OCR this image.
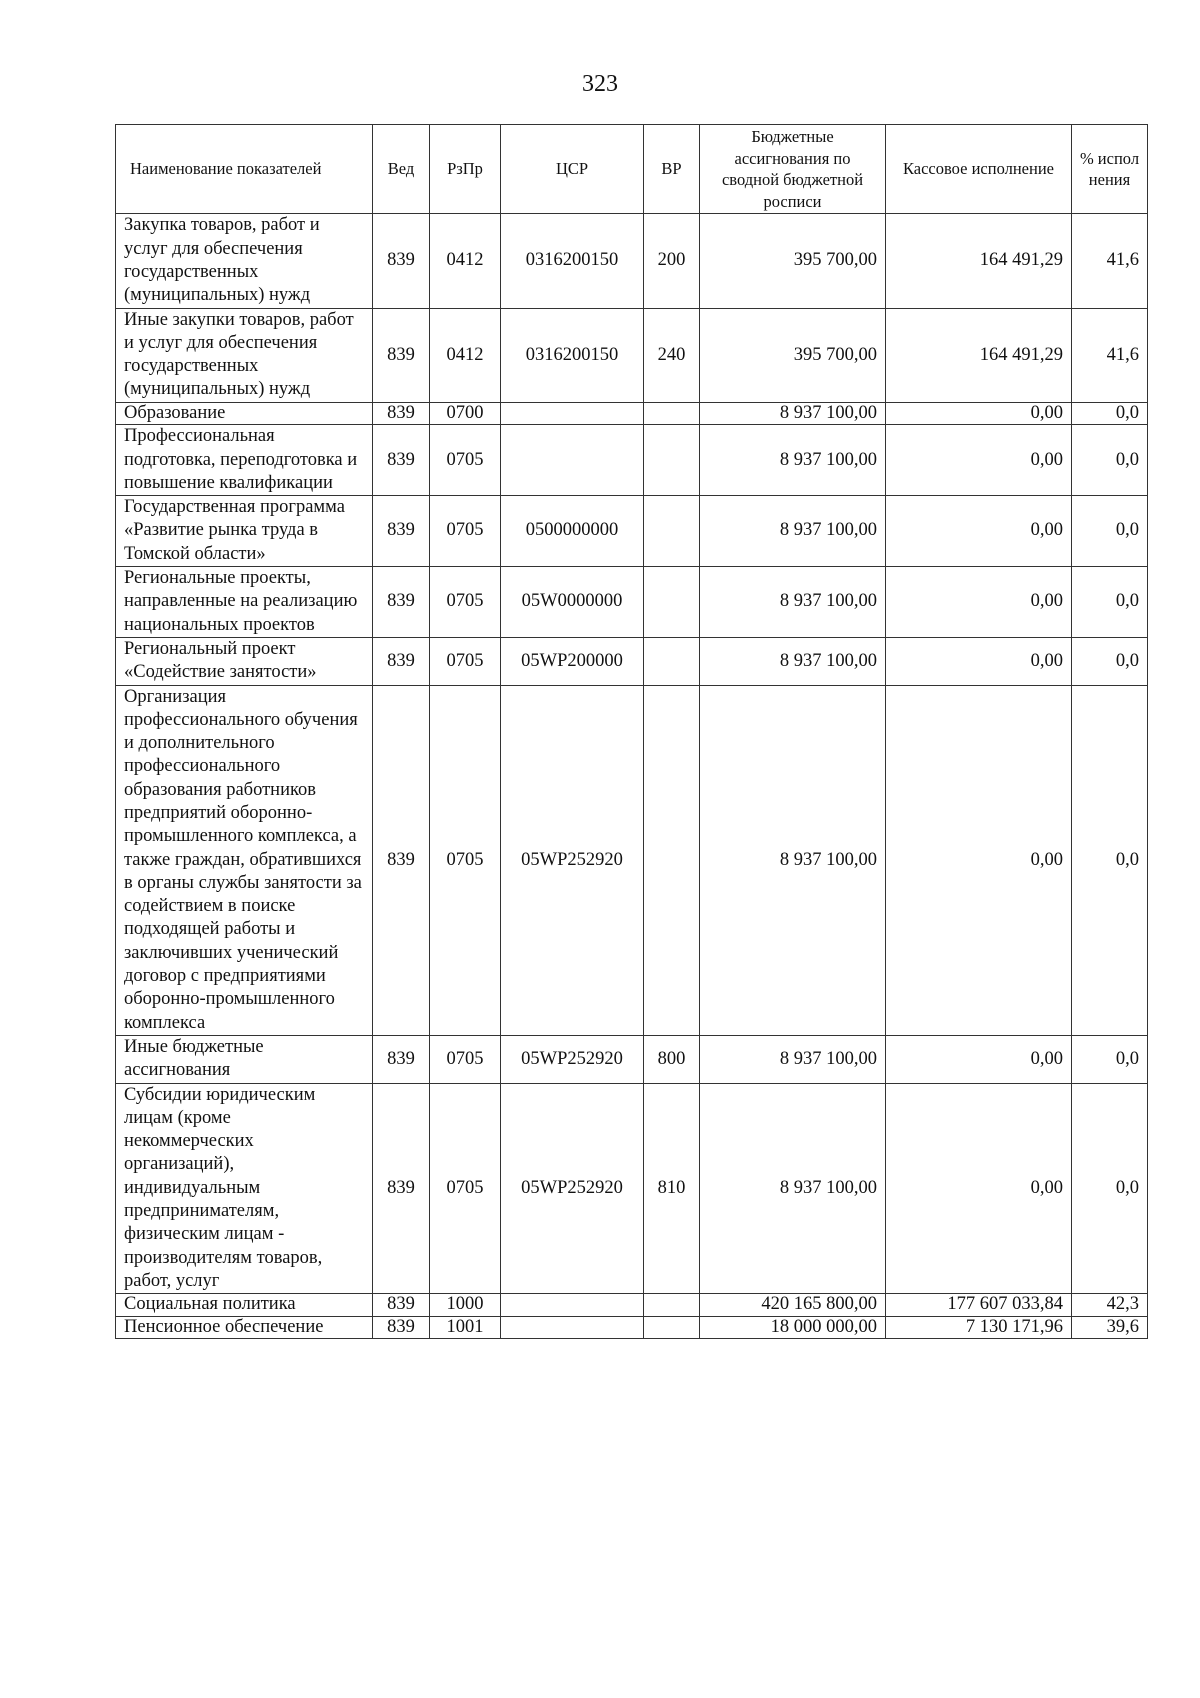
323
Наименование показателей	Вед	РзПр	ЦСР	ВР	Бюджетные ассигнования по сводной бюджетной росписи	Кассовое исполнение	% испол нения
Закупка товаров, работ и услуг для обеспечения государственных (муниципальных) нужд	839	0412	0316200150	200	395 700,00	164 491,29	41,6
Иные закупки товаров, работ и услуг для обеспечения государственных (муниципальных) нужд	839	0412	0316200150	240	395 700,00	164 491,29	41,6
Образование	839	0700			8 937 100,00	0,00	0,0
Профессиональная подготовка, переподготовка и повышение квалификации	839	0705			8 937 100,00	0,00	0,0
Государственная программа «Развитие рынка труда в Томской области»	839	0705	0500000000		8 937 100,00	0,00	0,0
Региональные проекты, направленные на реализацию национальных проектов	839	0705	05W0000000		8 937 100,00	0,00	0,0
Региональный проект «Содействие занятости»	839	0705	05WP200000		8 937 100,00	0,00	0,0
Организация профессионального обучения и дополнительного профессионального образования работников предприятий оборонно-промышленного комплекса, а также граждан, обратившихся в органы службы занятости за содействием в поиске подходящей работы и заключивших ученический договор с предприятиями оборонно-промышленного комплекса	839	0705	05WP252920		8 937 100,00	0,00	0,0
Иные бюджетные ассигнования	839	0705	05WP252920	800	8 937 100,00	0,00	0,0
Субсидии юридическим лицам (кроме некоммерческих организаций), индивидуальным предпринимателям, физическим лицам - производителям товаров, работ, услуг	839	0705	05WP252920	810	8 937 100,00	0,00	0,0
Социальная политика	839	1000			420 165 800,00	177 607 033,84	42,3
Пенсионное обеспечение	839	1001			18 000 000,00	7 130 171,96	39,6
